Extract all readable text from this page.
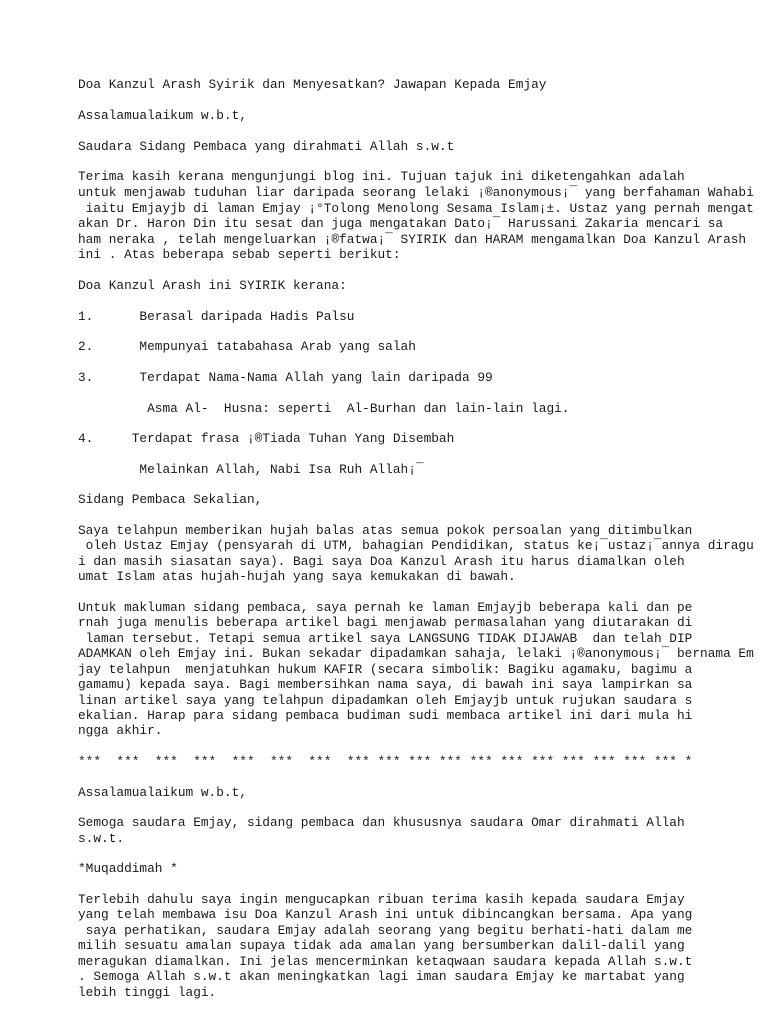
Doa Kanzul Arash Syirik dan Menyesatkan? Jawapan Kepada Emjay
Assalamualaikum w.b.t,
Saudara Sidang Pembaca yang dirahmati Allah s.w.t
Terima kasih kerana mengunjungi blog ini. Tujuan tajuk ini diketengahkan adalah
untuk menjawab tuduhan liar daripada seorang lelaki ¡®anonymous¡¯ yang berfahaman Wahabi
iaitu Emjayjb di laman Emjay ¡°Tolong Menolong Sesama Islam¡±. Ustaz yang pernah mengat
akan Dr. Haron Din itu sesat dan juga mengatakan Dato¡¯ Harussani Zakaria mencari sa
ham neraka , telah mengeluarkan ¡®fatwa¡¯ SYIRIK dan HARAM mengamalkan Doa Kanzul Arash
ini . Atas beberapa sebab seperti berikut:
Doa Kanzul Arash ini SYIRIK kerana:
1.      Berasal daripada Hadis Palsu
2.      Mempunyai tatabahasa Arab yang salah
3.      Terdapat Nama-Nama Allah yang lain daripada 99
Asma Al-  Husna: seperti  Al-Burhan dan lain-lain lagi.
4.     Terdapat frasa ¡®Tiada Tuhan Yang Disembah
Melainkan Allah, Nabi Isa Ruh Allah¡¯
Sidang Pembaca Sekalian,
Saya telahpun memberikan hujah balas atas semua pokok persoalan yang ditimbulkan
oleh Ustaz Emjay (pensyarah di UTM, bahagian Pendidikan, status ke¡¯ustaz¡¯annya diragu
i dan masih siasatan saya). Bagi saya Doa Kanzul Arash itu harus diamalkan oleh
umat Islam atas hujah-hujah yang saya kemukakan di bawah.
Untuk makluman sidang pembaca, saya pernah ke laman Emjayjb beberapa kali dan pe
rnah juga menulis beberapa artikel bagi menjawab permasalahan yang diutarakan di
laman tersebut. Tetapi semua artikel saya LANGSUNG TIDAK DIJAWAB  dan telah DIP
ADAMKAN oleh Emjay ini. Bukan sekadar dipadamkan sahaja, lelaki ¡®anonymous¡¯ bernama Em
jay telahpun  menjatuhkan hukum KAFIR (secara simbolik: Bagiku agamaku, bagimu a
gamamu) kepada saya. Bagi membersihkan nama saya, di bawah ini saya lampirkan sa
linan artikel saya yang telahpun dipadamkan oleh Emjayjb untuk rujukan saudara s
ekalian. Harap para sidang pembaca budiman sudi membaca artikel ini dari mula hi
ngga akhir.
***  ***  ***  ***  ***  ***  ***  *** *** *** *** *** *** *** *** *** *** *** *
Assalamualaikum w.b.t,
Semoga saudara Emjay, sidang pembaca dan khususnya saudara Omar dirahmati Allah
s.w.t.
*Muqaddimah *
Terlebih dahulu saya ingin mengucapkan ribuan terima kasih kepada saudara Emjay
yang telah membawa isu Doa Kanzul Arash ini untuk dibincangkan bersama. Apa yang
saya perhatikan, saudara Emjay adalah seorang yang begitu berhati-hati dalam me
milih sesuatu amalan supaya tidak ada amalan yang bersumberkan dalil-dalil yang
meragukan diamalkan. Ini jelas mencerminkan ketaqwaan saudara kepada Allah s.w.t
. Semoga Allah s.w.t akan meningkatkan lagi iman saudara Emjay ke martabat yang
lebih tinggi lagi.
